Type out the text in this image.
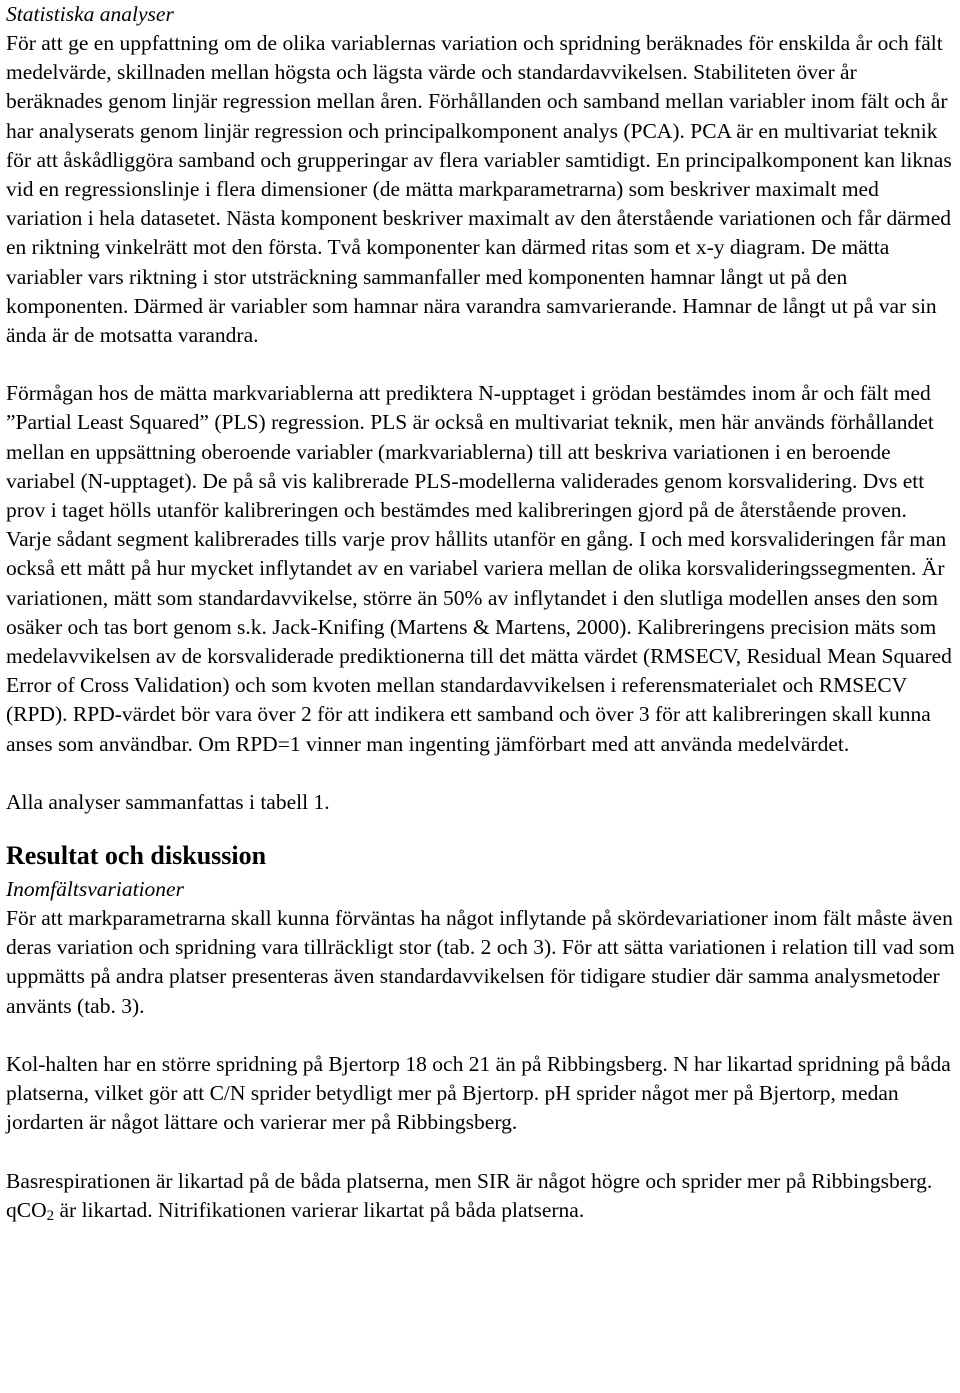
Statistiska analyser

För att ge en uppfattning om de olika variablernas variation och spridning beräknades för enskilda år och fält medelvärde, skillnaden mellan högsta och lägsta värde och standardavvikelsen. Stabiliteten över år beräknades genom linjär regression mellan åren. Förhållanden och samband mellan variabler inom fält och år har analyserats genom linjär regression och principalkomponent analys (PCA). PCA är en multivariat teknik för att åskådliggöra samband och grupperingar av flera variabler samtidigt. En principalkomponent kan liknas vid en regressionslinje i flera dimensioner (de mätta markparametrarna) som beskriver maximalt med variation i hela datasetet. Nästa komponent beskriver maximalt av den återstående variationen och får därmed en riktning vinkelrätt mot den första. Två komponenter kan därmed ritas som et x-y diagram. De mätta variabler vars riktning i stor utsträckning sammanfaller med komponenten hamnar långt ut på den komponenten. Därmed är variabler som hamnar nära varandra samvarierande. Hamnar de långt ut på var sin ända är de motsatta varandra.

Förmågan hos de mätta markvariablerna att prediktera N-upptaget i grödan bestämdes inom år och fält med ”Partial Least Squared” (PLS) regression. PLS är också en multivariat teknik, men här används förhållandet mellan en uppsättning oberoende variabler (markvariablerna) till att beskriva variationen i en beroende variabel (N-upptaget). De på så vis kalibrerade PLS-modellerna validerades genom korsvalidering. Dvs ett prov i taget hölls utanför kalibreringen och bestämdes med kalibreringen gjord på de återstående proven. Varje sådant segment kalibrerades tills varje prov hållits utanför en gång. I och med korsvalideringen får man också ett mått på hur mycket inflytandet av en variabel variera mellan de olika korsvalideringssegmenten. Är variationen, mätt som standardavvikelse, större än 50% av inflytandet i den slutliga modellen anses den som osäker och tas bort genom s.k. Jack-Knifing (Martens & Martens, 2000). Kalibreringens precision mäts som medelavvikelsen av de korsvaliderade prediktionerna till det mätta värdet (RMSECV, Residual Mean Squared Error of Cross Validation) och som kvoten mellan standardavvikelsen i referensmaterialet och RMSECV (RPD). RPD-värdet bör vara över 2 för att indikera ett samband och över 3 för att kalibreringen skall kunna anses som användbar. Om RPD=1 vinner man ingenting jämförbart med att använda medelvärdet.

Alla analyser sammanfattas i tabell 1.

Resultat och diskussion
Inomfältsvariationer

För att markparametrarna skall kunna förväntas ha något inflytande på skördevariationer inom fält måste även deras variation och spridning vara tillräckligt stor (tab. 2 och 3). För att sätta variationen i relation till vad som uppmätts på andra platser presenteras även standardavvikelsen för tidigare studier där samma analysmetoder använts (tab. 3).

Kol-halten har en större spridning på Bjertorp 18 och 21 än på Ribbingsberg. N har likartad spridning på båda platserna, vilket gör att C/N sprider betydligt mer på Bjertorp. pH sprider något mer på Bjertorp, medan jordarten är något lättare och varierar mer på Ribbingsberg.

Basrespirationen är likartad på de båda platserna, men SIR är något högre och sprider mer på Ribbingsberg. qCO$_2$ är likartad. Nitrifikationen varierar likartat på båda platserna.
